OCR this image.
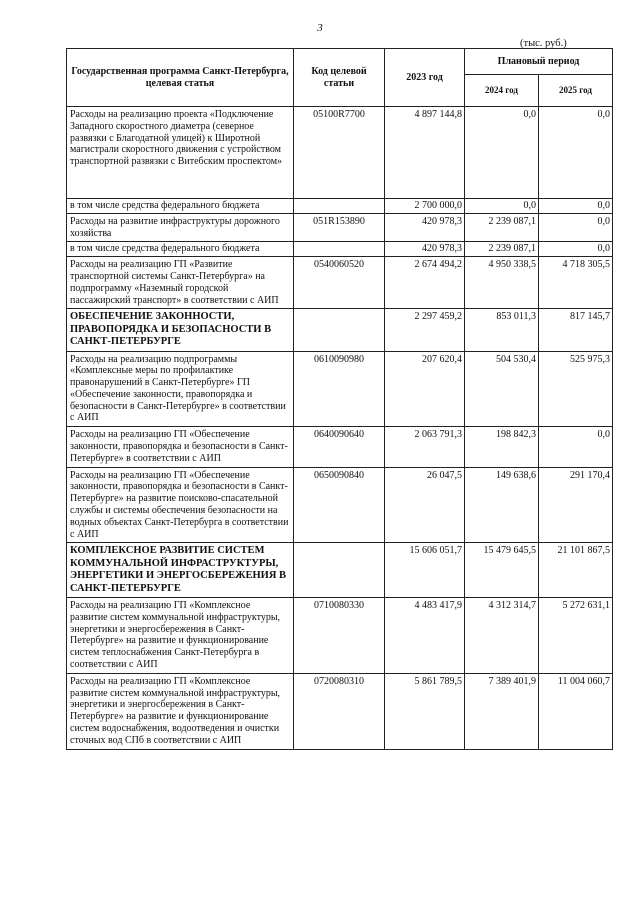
3
(тыс. руб.)
Государственная программа Санкт-Петербурга, целевая статья	Код целевой статьи	2023 год	Плановый период	
			2024 год	2025 год
Расходы на реализацию проекта «Подключение Западного скоростного диаметра (северное развязки с Благодатной улицей) к Широтной магистрали скоростного движения с устройством транспортной развязки с Витебским проспектом»	05100R7700	4 897 144,8	0,0	0,0
в том числе средства федерального бюджета		2 700 000,0	0,0	0,0
Расходы на развитие инфраструктуры дорожного хозяйства	051R153890	420 978,3	2 239 087,1	0,0
в том числе средства федерального бюджета		420 978,3	2 239 087,1	0,0
Расходы на реализацию ГП «Развитие транспортной системы Санкт-Петербурга» на подпрограмму «Наземный городской пассажирский транспорт» в соответствии с АИП	0540060520	2 674 494,2	4 950 338,5	4 718 305,5
ОБЕСПЕЧЕНИЕ ЗАКОННОСТИ, ПРАВОПОРЯДКА И БЕЗОПАСНОСТИ В САНКТ-ПЕТЕРБУРГЕ		2 297 459,2	853 011,3	817 145,7
Расходы на реализацию подпрограммы «Комплексные меры по профилактике правонарушений в Санкт-Петербурге» ГП «Обеспечение законности, правопорядка и безопасности в Санкт-Петербурге» в соответствии с АИП	0610090980	207 620,4	504 530,4	525 975,3
Расходы на реализацию ГП «Обеспечение законности, правопорядка и безопасности в Санкт-Петербурге» в соответствии с АИП	0640090640	2 063 791,3	198 842,3	0,0
Расходы на реализацию ГП «Обеспечение законности, правопорядка и безопасности в Санкт-Петербурге» на развитие поисково-спасательной службы и системы обеспечения безопасности на водных объектах Санкт-Петербурга в соответствии с АИП	0650090840	26 047,5	149 638,6	291 170,4
КОМПЛЕКСНОЕ РАЗВИТИЕ СИСТЕМ КОММУНАЛЬНОЙ ИНФРАСТРУКТУРЫ, ЭНЕРГЕТИКИ И ЭНЕРГОСБЕРЕЖЕНИЯ В САНКТ-ПЕТЕРБУРГЕ		15 606 051,7	15 479 645,5	21 101 867,5
Расходы на реализацию ГП «Комплексное развитие систем коммунальной инфраструктуры, энергетики и энергосбережения в Санкт-Петербурге» на развитие и функционирование систем теплоснабжения Санкт-Петербурга в соответствии с АИП	0710080330	4 483 417,9	4 312 314,7	5 272 631,1
Расходы на реализацию ГП «Комплексное развитие систем коммунальной инфраструктуры, энергетики и энергосбережения в Санкт-Петербурге» на развитие и функционирование систем водоснабжения, водоотведения и очистки сточных вод СПб в соответствии с АИП	0720080310	5 861 789,5	7 389 401,9	11 004 060,7
